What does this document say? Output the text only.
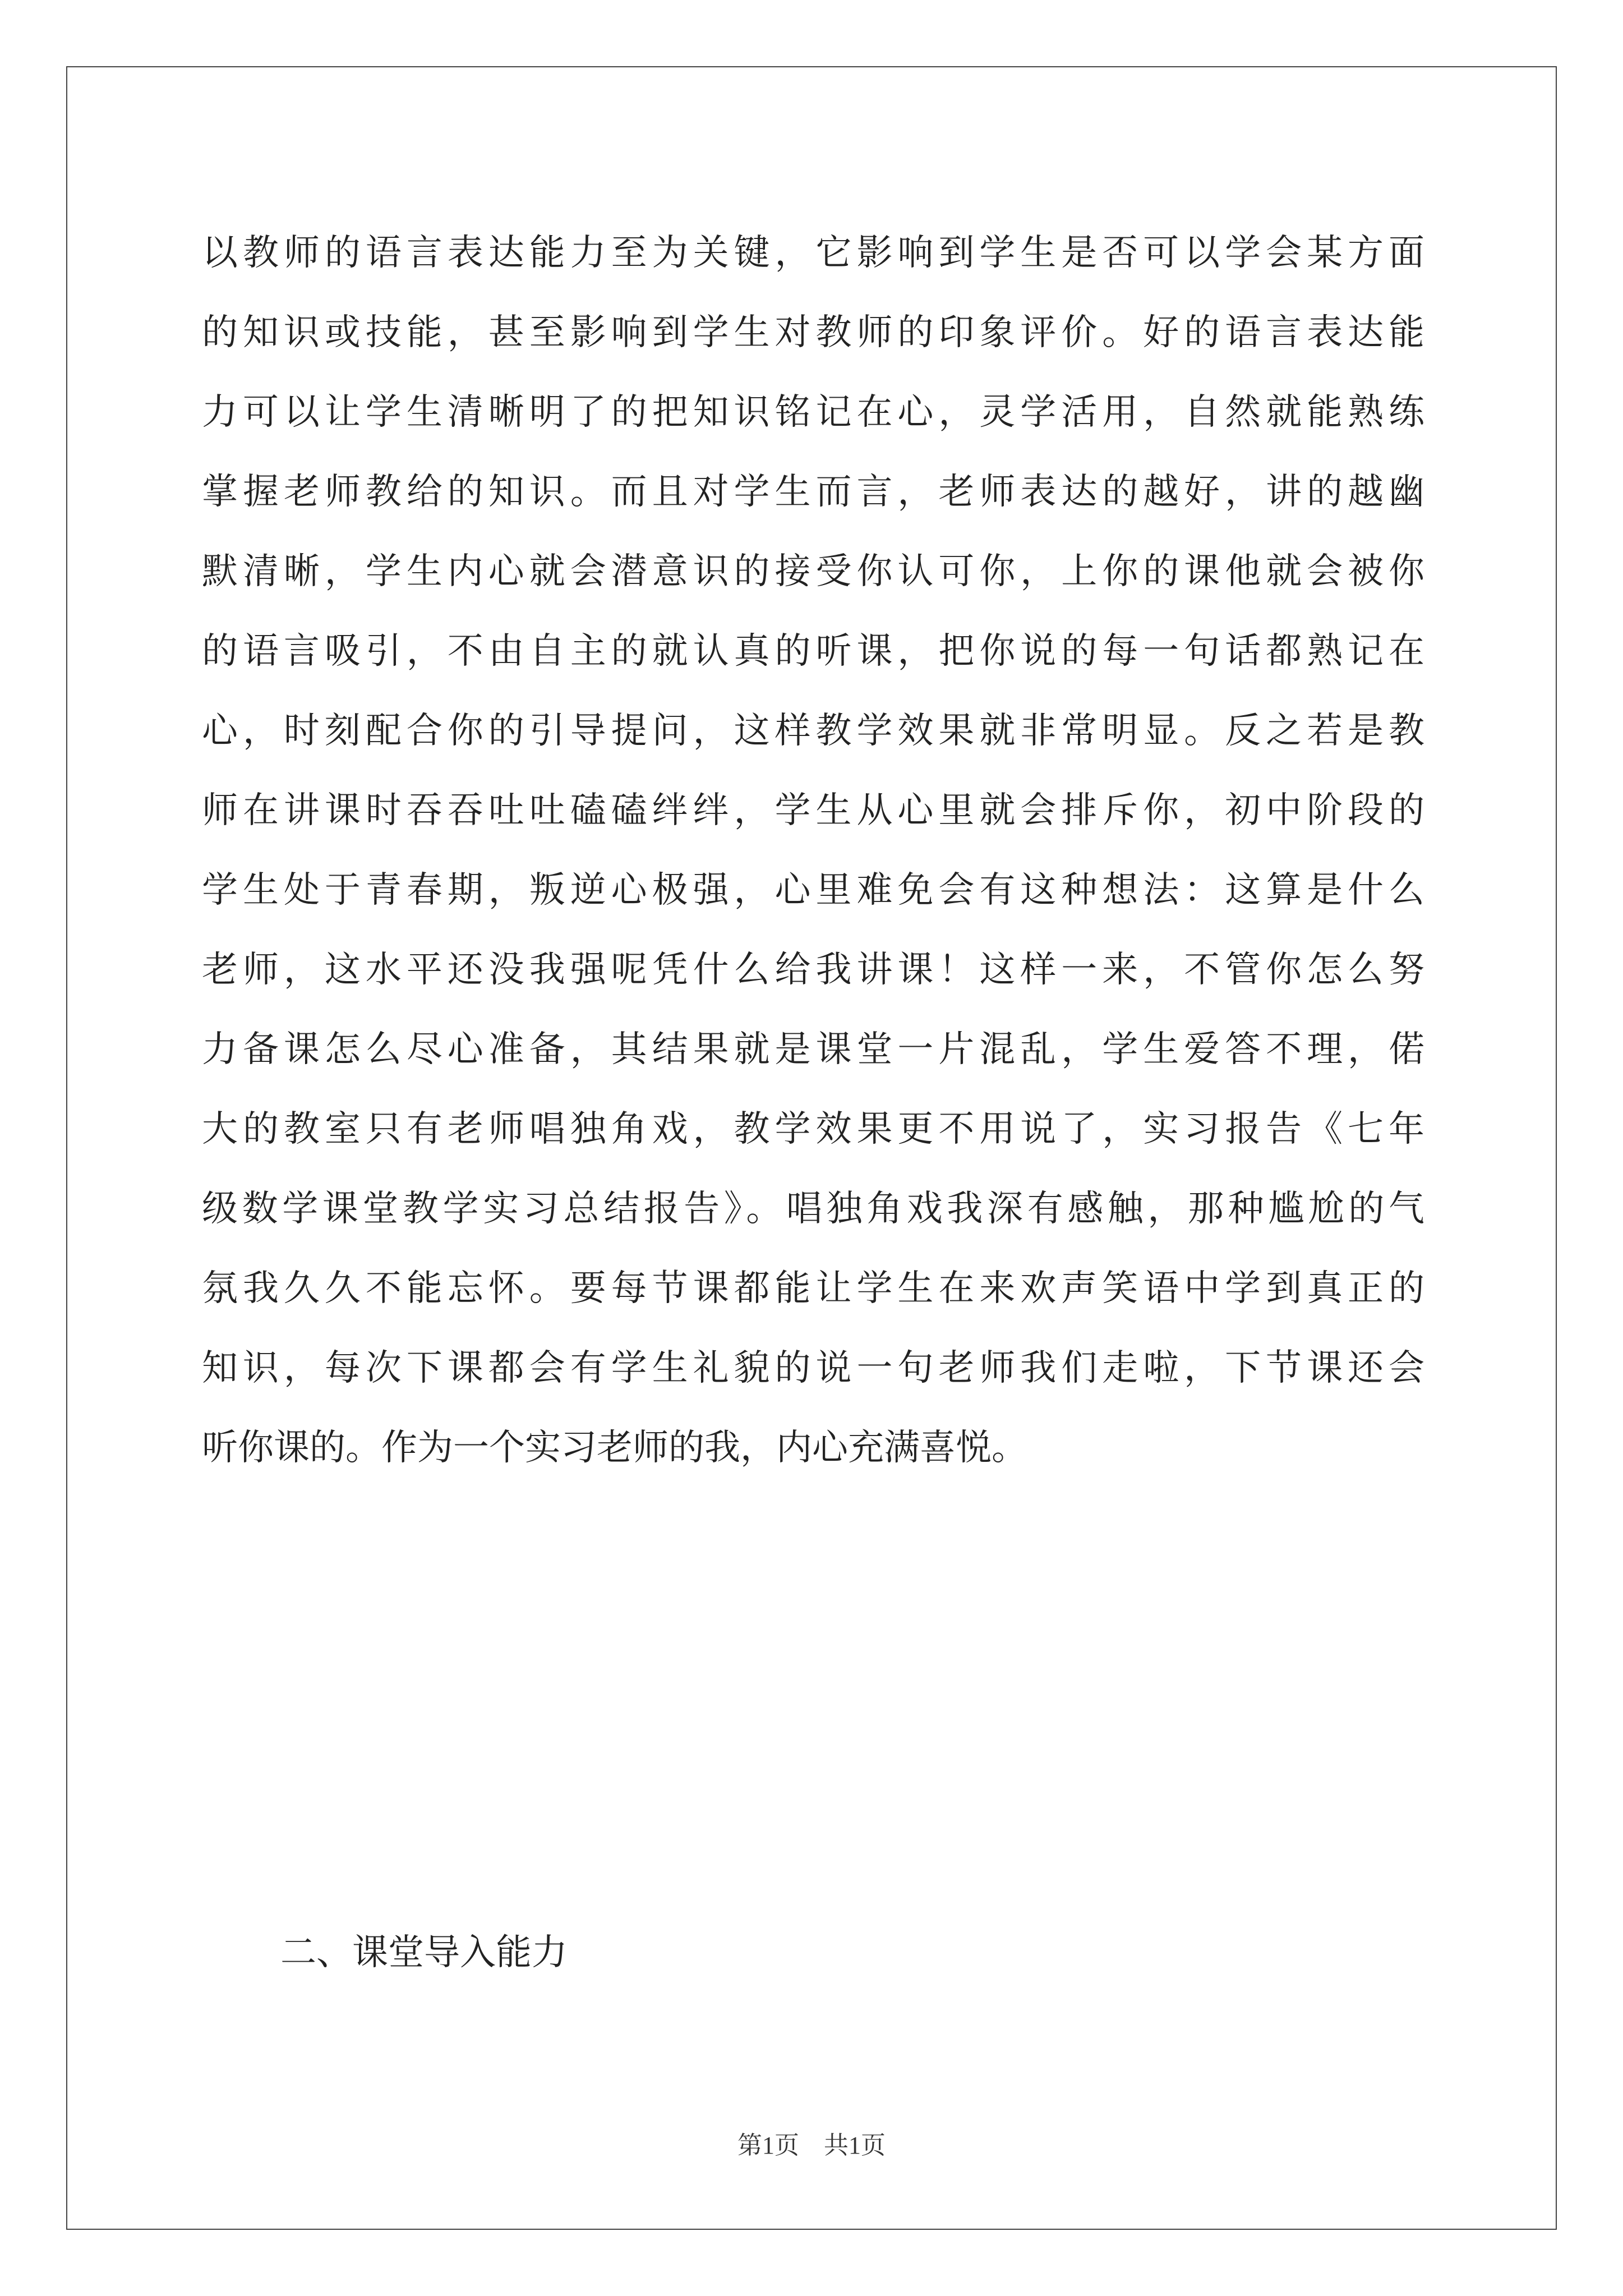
以教师的语言表达能力至为关键，它影响到学生是否可以学会某方面
的知识或技能，甚至影响到学生对教师的印象评价。好的语言表达能
力可以让学生清晰明了的把知识铭记在心，灵学活用，自然就能熟练
掌握老师教给的知识。而且对学生而言，老师表达的越好，讲的越幽
默清晰，学生内心就会潜意识的接受你认可你，上你的课他就会被你
的语言吸引，不由自主的就认真的听课，把你说的每一句话都熟记在
心，时刻配合你的引导提问，这样教学效果就非常明显。反之若是教
师在讲课时吞吞吐吐磕磕绊绊，学生从心里就会排斥你，初中阶段的
学生处于青春期，叛逆心极强，心里难免会有这种想法：这算是什么
老师，这水平还没我强呢凭什么给我讲课！这样一来，不管你怎么努
力备课怎么尽心准备，其结果就是课堂一片混乱，学生爱答不理，偌
大的教室只有老师唱独角戏，教学效果更不用说了，实习报告《七年
级数学课堂教学实习总结报告》。唱独角戏我深有感触，那种尴尬的气
氛我久久不能忘怀。要每节课都能让学生在来欢声笑语中学到真正的
知识，每次下课都会有学生礼貌的说一句老师我们走啦，下节课还会
听你课的。作为一个实习老师的我，内心充满喜悦。
二、课堂导入能力
第1页　共1页
